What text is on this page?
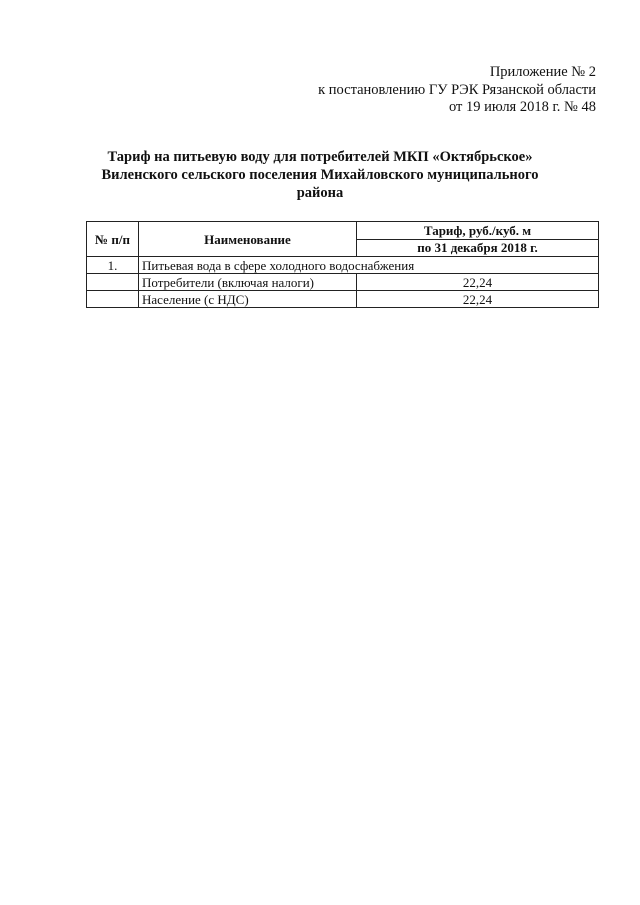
Приложение № 2
к постановлению ГУ РЭК Рязанской области
от 19 июля 2018 г. № 48
Тариф на питьевую воду для потребителей МКП «Октябрьское»
Виленского сельского поселения Михайловского муниципального
района
№ п/п	Наименование	Тариф, руб./куб. м
		по 31 декабря 2018 г.
1.	Питьевая вода в сфере холодного водоснабжения	
	Потребители (включая налоги)	22,24
	Население (с НДС)	22,24
